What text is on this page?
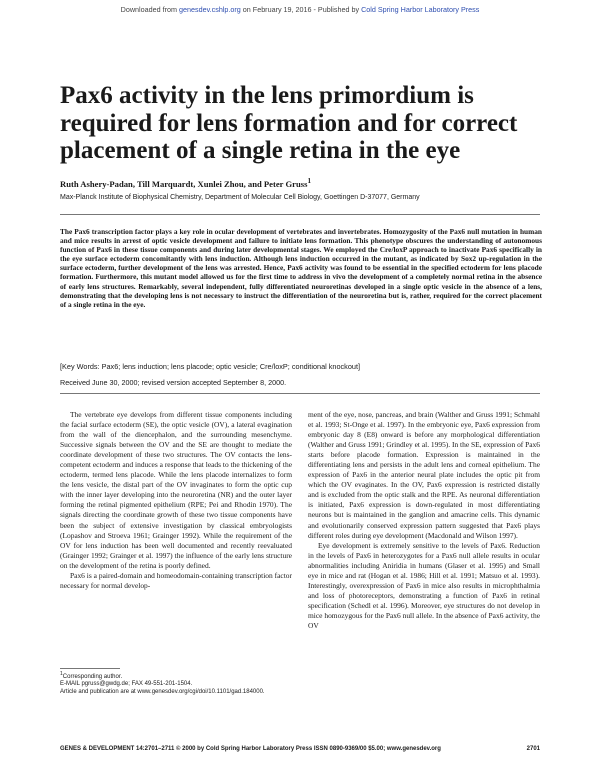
Downloaded from genesdev.cshlp.org on February 19, 2016 - Published by Cold Spring Harbor Laboratory Press
Pax6 activity in the lens primordium is required for lens formation and for correct placement of a single retina in the eye
Ruth Ashery-Padan, Till Marquardt, Xunlei Zhou, and Peter Gruss$^1$
Max-Planck Institute of Biophysical Chemistry, Department of Molecular Cell Biology, Goettingen D-37077, Germany
The Pax6 transcription factor plays a key role in ocular development of vertebrates and invertebrates. Homozygosity of the Pax6 null mutation in human and mice results in arrest of optic vesicle development and failure to initiate lens formation. This phenotype obscures the understanding of autonomous function of Pax6 in these tissue components and during later developmental stages. We employed the Cre/loxP approach to inactivate Pax6 specifically in the eye surface ectoderm concomitantly with lens induction. Although lens induction occurred in the mutant, as indicated by Sox2 up-regulation in the surface ectoderm, further development of the lens was arrested. Hence, Pax6 activity was found to be essential in the specified ectoderm for lens placode formation. Furthermore, this mutant model allowed us for the first time to address in vivo the development of a completely normal retina in the absence of early lens structures. Remarkably, several independent, fully differentiated neuroretinas developed in a single optic vesicle in the absence of a lens, demonstrating that the developing lens is not necessary to instruct the differentiation of the neuroretina but is, rather, required for the correct placement of a single retina in the eye.
[Key Words: Pax6; lens induction; lens placode; optic vesicle; Cre/loxP; conditional knockout]
Received June 30, 2000; revised version accepted September 8, 2000.

The vertebrate eye develops from different tissue components including the facial surface ectoderm (SE), the optic vesicle (OV), a lateral evagination from the wall of the diencephalon, and the surrounding mesenchyme. Successive signals between the OV and the SE are thought to mediate the coordinate development of these two structures. The OV contacts the lens-competent ectoderm and induces a response that leads to the thickening of the ectoderm, termed lens placode. While the lens placode internalizes to form the lens vesicle, the distal part of the OV invaginates to form the optic cup with the inner layer developing into the neuroretina (NR) and the outer layer forming the retinal pigmented epithelium (RPE; Pei and Rhodin 1970). The signals directing the coordinate growth of these two tissue components have been the subject of extensive investigation by classical embryologists (Lopashov and Stroeva 1961; Grainger 1992). While the requirement of the OV for lens induction has been well documented and recently reevaluated (Grainger 1992; Grainger et al. 1997) the influence of the early lens structure on the development of the retina is poorly defined.

Pax6 is a paired-domain and homeodomain-containing transcription factor necessary for normal develop-

ment of the eye, nose, pancreas, and brain (Walther and Gruss 1991; Schmahl et al. 1993; St-Onge et al. 1997). In the embryonic eye, Pax6 expression from embryonic day 8 (E8) onward is before any morphological differentiation (Walther and Gruss 1991; Grindley et al. 1995). In the SE, expression of Pax6 starts before placode formation. Expression is maintained in the differentiating lens and persists in the adult lens and corneal epithelium. The expression of Pax6 in the anterior neural plate includes the optic pit from which the OV evaginates. In the OV, Pax6 expression is restricted distally and is excluded from the optic stalk and the RPE. As neuronal differentiation is initiated, Pax6 expression is down-regulated in most differentiating neurons but is maintained in the ganglion and amacrine cells. This dynamic and evolutionarily conserved expression pattern suggested that Pax6 plays different roles during eye development (Macdonald and Wilson 1997).

Eye development is extremely sensitive to the levels of Pax6. Reduction in the levels of Pax6 in heterozygotes for a Pax6 null allele results in ocular abnormalities including Aniridia in humans (Glaser et al. 1995) and Small eye in mice and rat (Hogan et al. 1986; Hill et al. 1991; Matsuo et al. 1993). Interestingly, overexpression of Pax6 in mice also results in microphthalmia and loss of photoreceptors, demonstrating a function of Pax6 in retinal specification (Schedl et al. 1996). Moreover, eye structures do not develop in mice homozygous for the Pax6 null allele. In the absence of Pax6 activity, the OV

$^1$Corresponding author.
E-MAIL pgruss@gwdg.de; FAX 49-551-201-1504.
Article and publication are at www.genesdev.org/cgi/doi/10.1101/gad.184000.
GENES & DEVELOPMENT 14:2701–2711 © 2000 by Cold Spring Harbor Laboratory Press ISSN 0890-9369/00 $5.00; www.genesdev.org	2701
